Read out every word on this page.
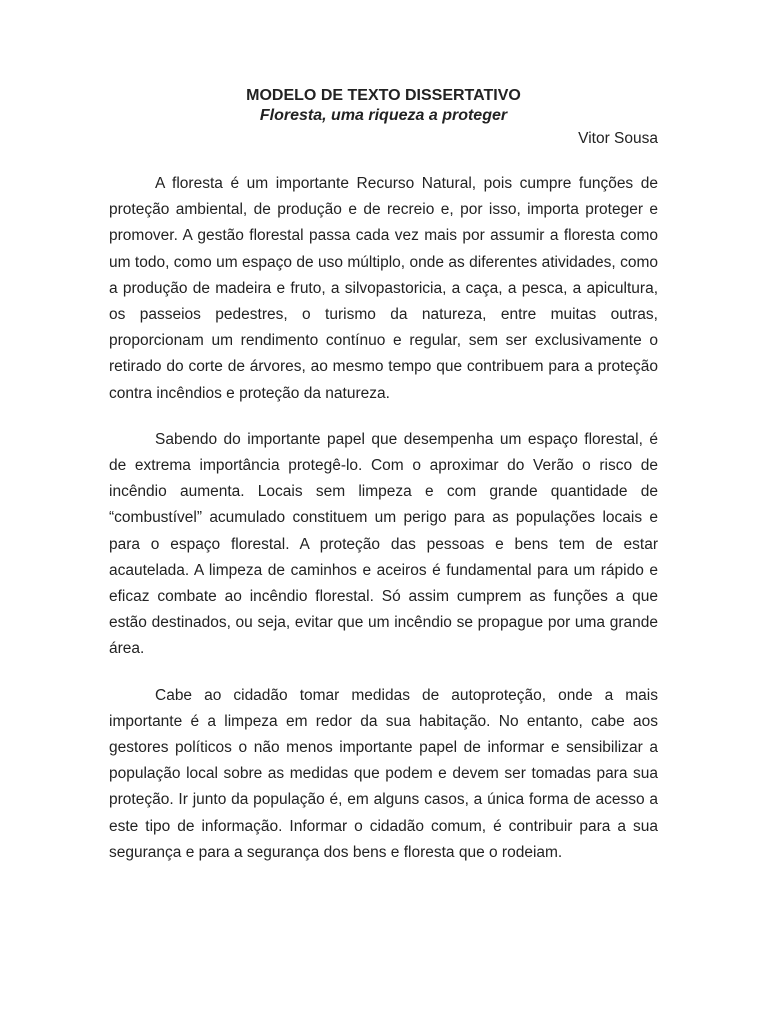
MODELO DE TEXTO DISSERTATIVO
Floresta, uma riqueza a proteger

Vitor Sousa

A floresta é um importante Recurso Natural, pois cumpre funções de proteção ambiental, de produção e de recreio e, por isso, importa proteger e promover. A gestão florestal passa cada vez mais por assumir a floresta como um todo, como um espaço de uso múltiplo, onde as diferentes atividades, como a produção de madeira e fruto, a silvopastoricia, a caça, a pesca, a apicultura, os passeios pedestres, o turismo da natureza, entre muitas outras, proporcionam um rendimento contínuo e regular, sem ser exclusivamente o retirado do corte de árvores, ao mesmo tempo que contribuem para a proteção contra incêndios e proteção da natureza.

Sabendo do importante papel que desempenha um espaço florestal, é de extrema importância protegê-lo. Com o aproximar do Verão o risco de incêndio aumenta. Locais sem limpeza e com grande quantidade de “combustível” acumulado constituem um perigo para as populações locais e para o espaço florestal. A proteção das pessoas e bens tem de estar acautelada. A limpeza de caminhos e aceiros é fundamental para um rápido e eficaz combate ao incêndio florestal. Só assim cumprem as funções a que estão destinados, ou seja, evitar que um incêndio se propague por uma grande área.

Cabe ao cidadão tomar medidas de autoproteção, onde a mais importante é a limpeza em redor da sua habitação. No entanto, cabe aos gestores políticos o não menos importante papel de informar e sensibilizar a população local sobre as medidas que podem e devem ser tomadas para sua proteção. Ir junto da população é, em alguns casos, a única forma de acesso a este tipo de informação. Informar o cidadão comum, é contribuir para a sua segurança e para a segurança dos bens e floresta que o rodeiam.
